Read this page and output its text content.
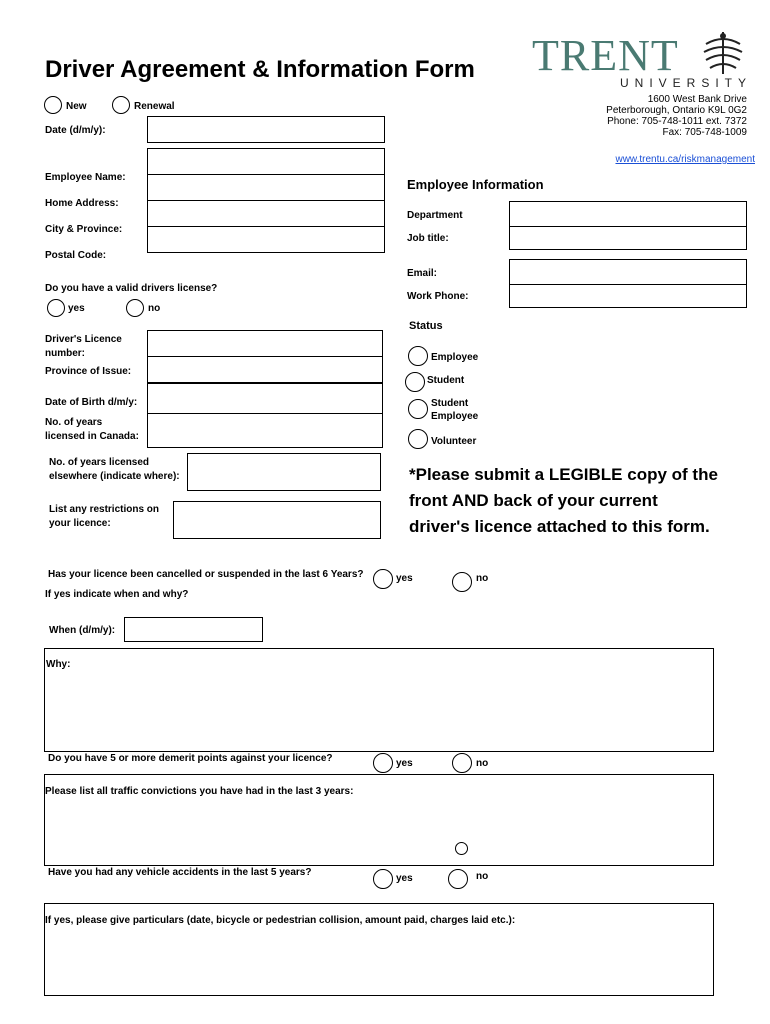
Driver Agreement & Information Form TRENT
UNIVERSITY
1600 West Bank Drive
Peterborough, Ontario K9L 0G2
Phone: 705-748-1011 ext. 7372
Fax: 705-748-1009
www.trentu.ca/riskmanagement
New	Renewal
Date (d/m/y):
Employee Name:
Home Address:
City & Province:
Postal Code:
Do you have a valid drivers license?
yes	no
Driver's Licence number:
Province of Issue:
Date of Birth d/m/y:
No. of years licensed in Canada:
No. of years licensed elsewhere (indicate where):
List any restrictions on your licence:
Employee Information
Department
Job title:
Email:
Work Phone:
Status
Employee
Student
Student Employee
Volunteer
*Please submit a LEGIBLE copy of the
front AND back of your current
driver's licence attached to this form.
Has your licence been cancelled or suspended in the last 6 Years?	yes	no
If yes indicate when and why?
When (d/m/y):
Why:
Do you have 5 or more demerit points against your licence?	yes	no
Please list all traffic convictions you have had in the last 3 years:
Have you had any vehicle accidents in the last 5 years?
yes	no
If yes, please give particulars (date, bicycle or pedestrian collision, amount paid, charges laid etc.):
